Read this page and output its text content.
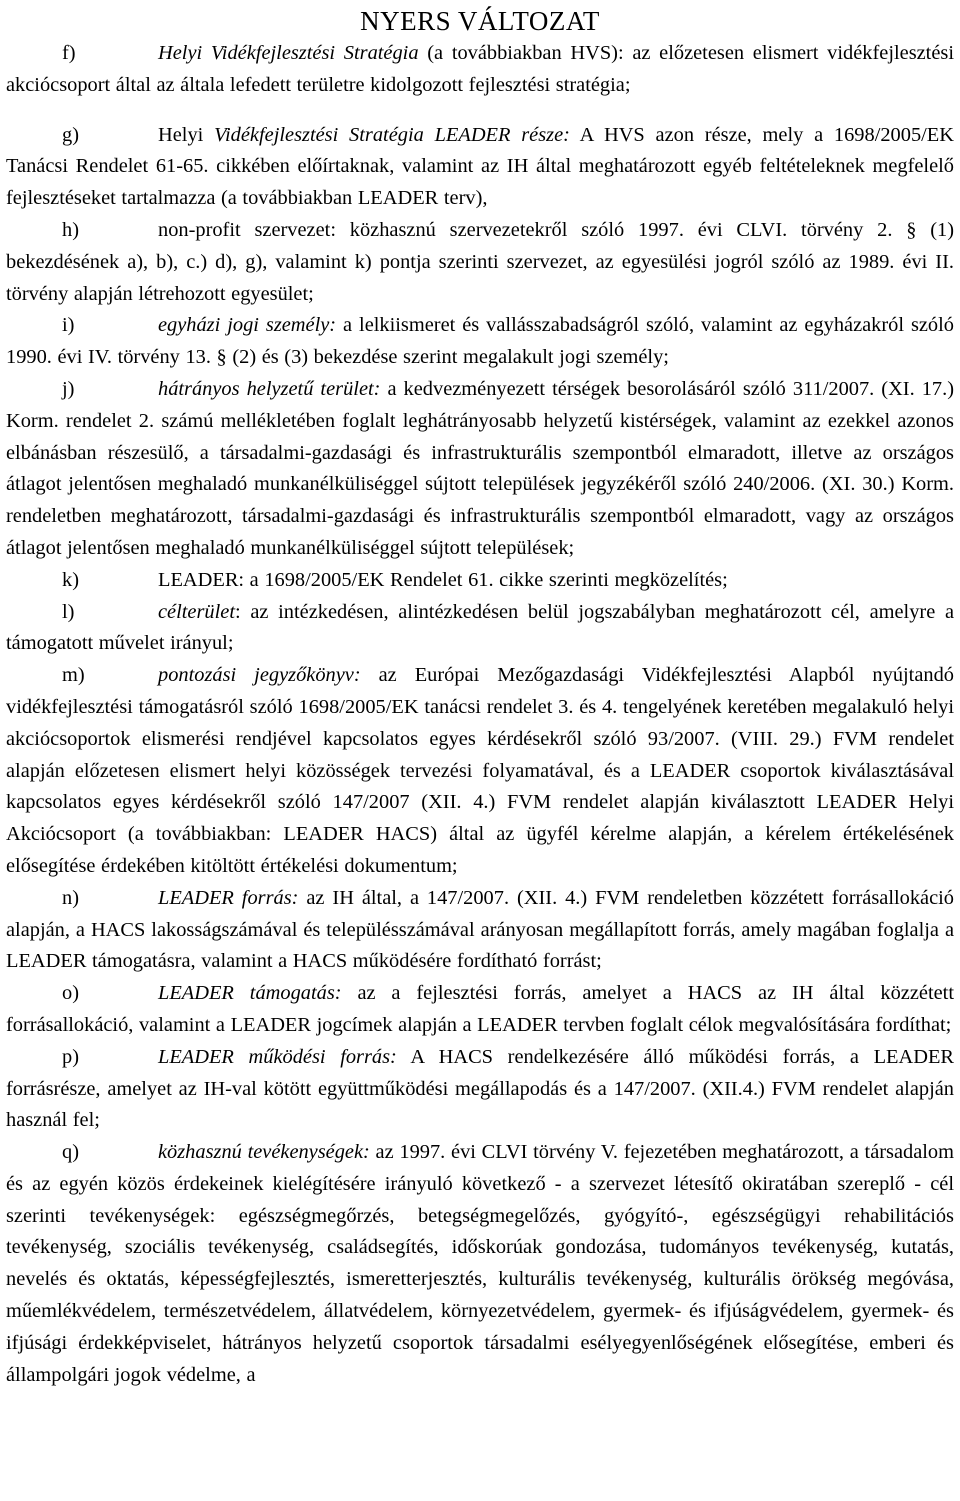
NYERS VÁLTOZAT

f)	Helyi Vidékfejlesztési Stratégia (a továbbiakban HVS): az előzetesen elismert vidékfejlesztési akciócsoport által az általa lefedett területre kidolgozott fejlesztési stratégia;

g)	Helyi Vidékfejlesztési Stratégia LEADER része: A HVS azon része, mely a 1698/2005/EK Tanácsi Rendelet 61-65. cikkében előírtaknak, valamint az IH által meghatározott egyéb feltételeknek megfelelő fejlesztéseket tartalmazza (a továbbiakban LEADER terv),

h)	non-profit szervezet: közhasznú szervezetekről szóló 1997. évi CLVI. törvény 2. § (1) bekezdésének a), b), c.) d), g), valamint k) pontja szerinti szervezet, az egyesülési jogról szóló az 1989. évi II. törvény alapján létrehozott egyesület;

i)	egyházi jogi személy: a lelkiismeret és vallásszabadságról szóló, valamint az egyházakról szóló 1990. évi IV. törvény 13. § (2) és (3) bekezdése szerint megalakult jogi személy;

j)	hátrányos helyzetű terület: a kedvezményezett térségek besorolásáról szóló 311/2007. (XI. 17.) Korm. rendelet 2. számú mellékletében foglalt leghátrányosabb helyzetű kistérségek, valamint az ezekkel azonos elbánásban részesülő, a társadalmi-gazdasági és infrastrukturális szempontból elmaradott, illetve az országos átlagot jelentősen meghaladó munkanélküliséggel sújtott települések jegyzékéről szóló 240/2006. (XI. 30.) Korm. rendeletben meghatározott, társadalmi-gazdasági és infrastrukturális szempontból elmaradott, vagy az országos átlagot jelentősen meghaladó munkanélküliséggel sújtott települések;

k)	LEADER: a 1698/2005/EK Rendelet 61. cikke szerinti megközelítés;

l)	célterület: az intézkedésen, alintézkedésen belül jogszabályban meghatározott cél, amelyre a támogatott művelet irányul;

m)	pontozási jegyzőkönyv: az Európai Mezőgazdasági Vidékfejlesztési Alapból nyújtandó vidékfejlesztési támogatásról szóló 1698/2005/EK tanácsi rendelet 3. és 4. tengelyének keretében megalakuló helyi akciócsoportok elismerési rendjével kapcsolatos egyes kérdésekről szóló 93/2007. (VIII. 29.) FVM rendelet alapján előzetesen elismert helyi közösségek tervezési folyamatával, és a LEADER csoportok kiválasztásával kapcsolatos egyes kérdésekről szóló 147/2007 (XII. 4.) FVM rendelet alapján kiválasztott LEADER Helyi Akciócsoport (a továbbiakban: LEADER HACS) által az ügyfél kérelme alapján, a kérelem értékelésének elősegítése érdekében kitöltött értékelési dokumentum;

n)	LEADER forrás: az IH által, a 147/2007. (XII. 4.) FVM rendeletben közzétett forrásallokáció alapján, a HACS lakosságszámával és településszámával arányosan megállapított forrás, amely magában foglalja a LEADER támogatásra, valamint a HACS működésére fordítható forrást;

o)	LEADER támogatás: az a fejlesztési forrás, amelyet a HACS az IH által közzétett forrásallokáció, valamint a LEADER jogcímek alapján a LEADER tervben foglalt célok megvalósítására fordíthat;

p)	LEADER működési forrás: A HACS rendelkezésére álló működési forrás, a LEADER forrásrésze, amelyet az IH-val kötött együttműködési megállapodás és a 147/2007. (XII.4.) FVM rendelet alapján használ fel;

q)	közhasznú tevékenységek: az 1997. évi CLVI törvény V. fejezetében meghatározott, a társadalom és az egyén közös érdekeinek kielégítésére irányuló következő - a szervezet létesítő okiratában szereplő - cél szerinti tevékenységek: egészségmegőrzés, betegségmegelőzés, gyógyító-, egészségügyi rehabilitációs tevékenység, szociális tevékenység, családsegítés, időskorúak gondozása, tudományos tevékenység, kutatás, nevelés és oktatás, képességfejlesztés, ismeretterjesztés, kulturális tevékenység, kulturális örökség megóvása, műemlékvédelem, természetvédelem, állatvédelem, környezetvédelem, gyermek- és ifjúságvédelem, gyermek- és ifjúsági érdekképviselet, hátrányos helyzetű csoportok társadalmi esélyegyenlőségének elősegítése, emberi és állampolgári jogok védelme, a
